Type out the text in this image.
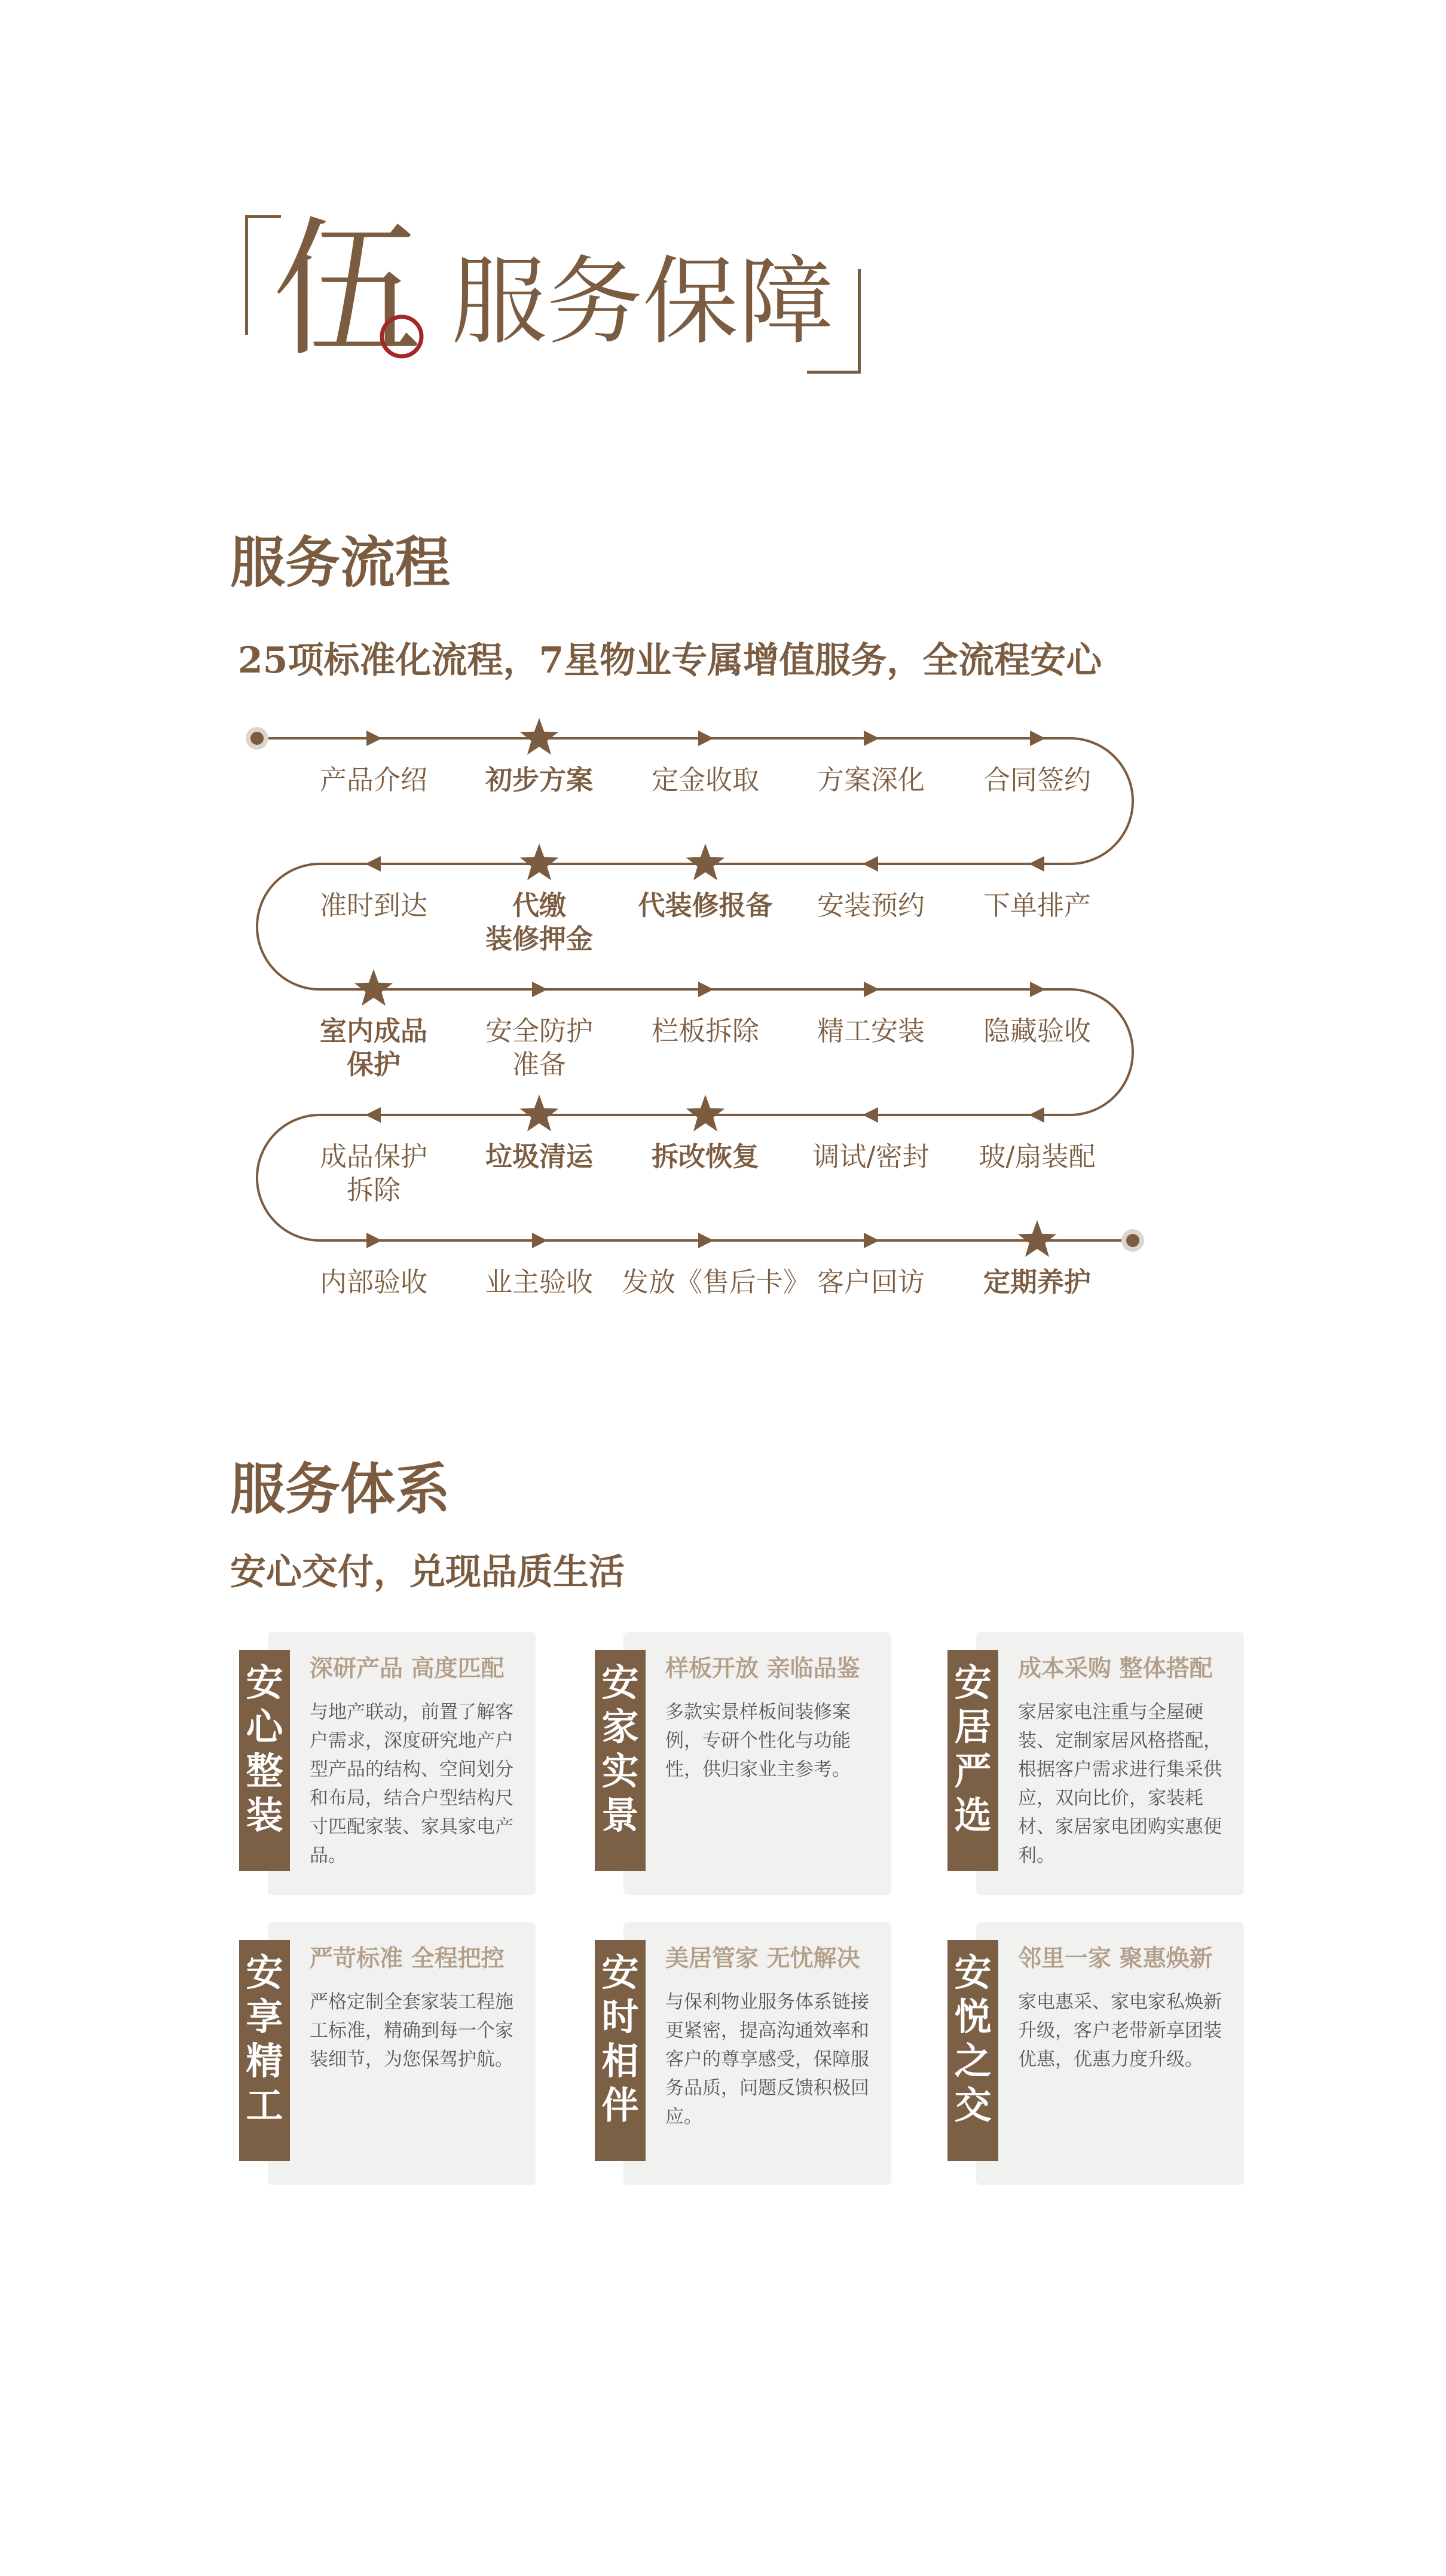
伍 服务保障
服务流程
25项标准化流程，7星物业专属增值服务，全流程安心
产品介绍	初步方案	定金收取	方案深化	合同签约
准时到达	代缴
装修押金
代装修报备	安装预约	下单排产
室内成品
保护
安全防护
准备
栏板拆除	精工安装	隐藏验收
成品保护
拆除
垃圾清运	拆改恢复	调试/密封	玻/扇装配
内部验收	业主验收	发放《售后卡》 客户回访	定期养护
服务体系
安心交付，兑现品质生活
安
心
整
装
深研产品 高度匹配
与地产联动，前置了解客户需求，深度研究地产户型产品的结构、空间划分和布局，结合户型结构尺寸匹配家装、家具家电产品。
安
家
实
景
样板开放 亲临品鉴
多款实景样板间装修案例，专研个性化与功能性，供归家业主参考。
安
居
严
选
成本采购 整体搭配
家居家电注重与全屋硬装、定制家居风格搭配，根据客户需求进行集采供应，双向比价，家装耗材、家居家电团购实惠便利。
安
享
精
工
严苛标准 全程把控
严格定制全套家装工程施工标准，精确到每一个家装细节，为您保驾护航。
安
时
相
伴
美居管家 无忧解决
与保利物业服务体系链接更紧密，提高沟通效率和客户的尊享感受，保障服务品质，问题反馈积极回应。
安
悦
之
交
邻里一家 聚惠焕新
家电惠采、家电家私焕新升级，客户老带新享团装优惠，优惠力度升级。
